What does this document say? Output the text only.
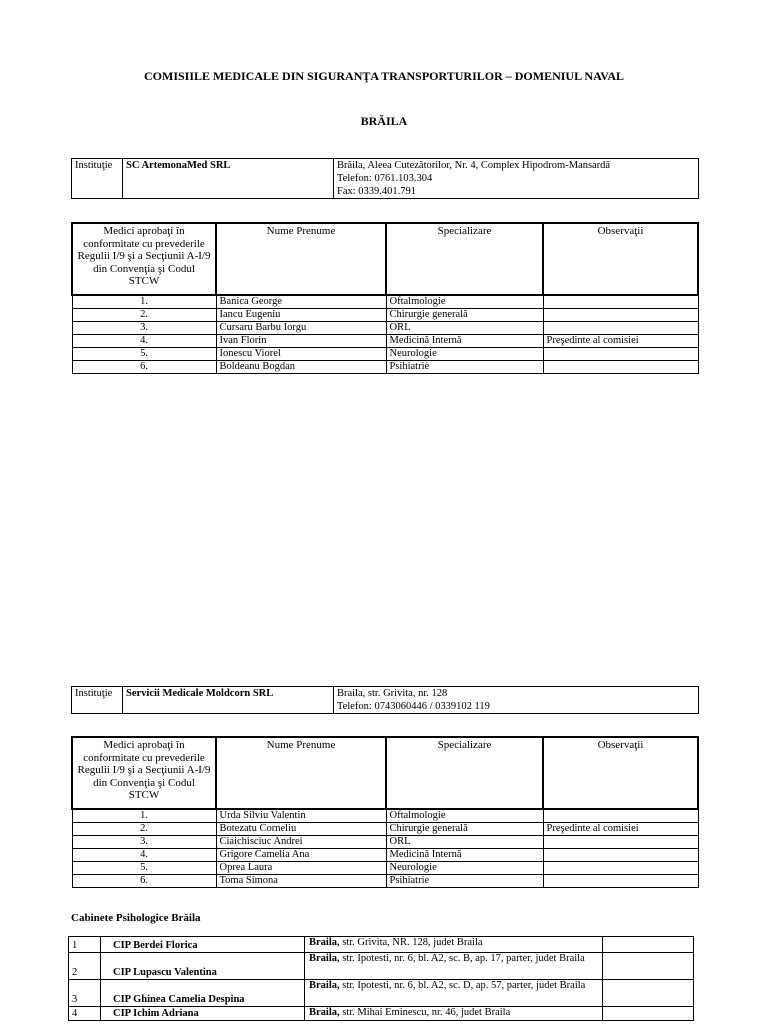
COMISIILE MEDICALE DIN SIGURANŢA TRANSPORTURILOR – DOMENIUL NAVAL
BRĂILA
Instituţie	SC ArtemonaMed SRL	Brăila, Aleea Cutezătorilor, Nr. 4, Complex Hipodrom-Mansardă
Telefon: 0761.103.304
Fax: 0339.401.791
Medici aprobaţi în conformitate cu prevederile Regulii I/9 şi a Secţiunii A-I/9 din Convenţia şi Codul STCW	Nume Prenume	Specializare	Observaţii
1.	Banica George	Oftalmologie	
2.	Iancu Eugeniu	Chirurgie generală	
3.	Cursaru Barbu Iorgu	ORL	
4.	Ivan Florin	Medicină Internă	Preşedinte al comisiei
5.	Ionescu Viorel	Neurologie	
6.	Boldeanu Bogdan	Psihiatrie	
Instituţie	Servicii Medicale Moldcorn SRL	Braila, str. Grivita, nr. 128
Telefon: 0743060446 / 0339102 119
Medici aprobaţi în conformitate cu prevederile Regulii I/9 şi a Secţiunii A-I/9 din Convenţia şi Codul STCW	Nume Prenume	Specializare	Observaţii
1.	Urda Silviu Valentin	Oftalmologie	
2.	Botezatu Corneliu	Chirurgie generală	Preşedinte al comisiei
3.	Ciaichisciuc Andrei	ORL	
4.	Grigore Camelia Ana	Medicină Internă	
5.	Oprea Laura	Neurologie	
6.	Toma Simona	Psihiatrie	
Cabinete Psihologice Brăila
1	CIP Berdei Florica	Braila, str. Grivita, NR. 128, judet Braila	
2	CIP Lupascu Valentina	Braila, str. Ipotesti, nr. 6, bl. A2, sc. B, ap. 17, parter, judet Braila	
3	CIP Ghinea Camelia Despina	Braila, str. Ipotesti, nr. 6, bl. A2, sc. D, ap. 57, parter, judet Braila	
4	CIP Ichim Adriana	Braila, str. Mihai Eminescu, nr. 46, judet Braila	
